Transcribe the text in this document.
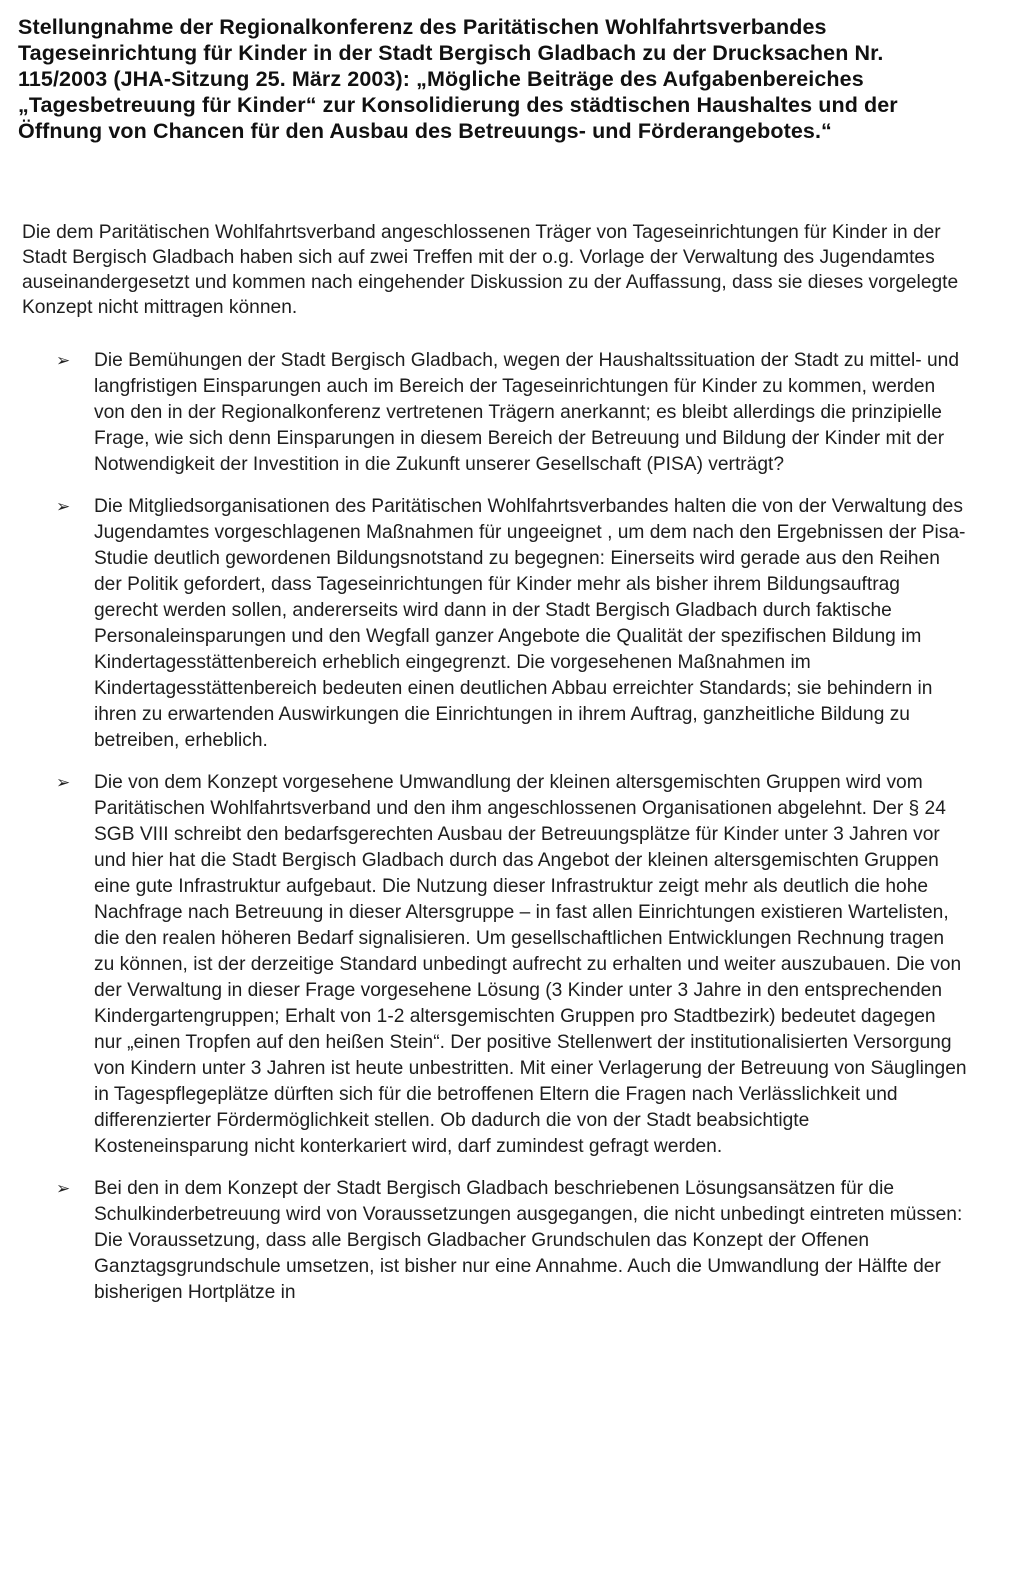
Stellungnahme der Regionalkonferenz des Paritätischen Wohlfahrtsverbandes Tageseinrichtung für Kinder in der Stadt Bergisch Gladbach zu der Drucksachen Nr. 115/2003 (JHA-Sitzung 25. März 2003): „Mögliche Beiträge des Aufgabenbereiches „Tagesbetreuung für Kinder“ zur Konsolidierung des städtischen Haushaltes und der Öffnung von Chancen für den Ausbau des Betreuungs- und Förderangebotes.“

Die dem Paritätischen Wohlfahrtsverband angeschlossenen Träger von Tageseinrichtungen für Kinder in der Stadt Bergisch Gladbach haben sich auf zwei Treffen mit der o.g. Vorlage der Verwaltung des Jugendamtes auseinandergesetzt und kommen nach eingehender Diskussion zu der Auffassung, dass sie dieses vorgelegte Konzept nicht mittragen können.

➢ Die Bemühungen der Stadt Bergisch Gladbach, wegen der Haushaltssituation der Stadt zu mittel- und langfristigen Einsparungen auch im Bereich der Tageseinrichtungen für Kinder zu kommen, werden von den in der Regionalkonferenz vertretenen Trägern anerkannt; es bleibt allerdings die prinzipielle Frage, wie sich denn Einsparungen in diesem Bereich der Betreuung und Bildung der Kinder mit der Notwendigkeit der Investition in die Zukunft unserer Gesellschaft (PISA) verträgt?
➢ Die Mitgliedsorganisationen des Paritätischen Wohlfahrtsverbandes halten die von der Verwaltung des Jugendamtes vorgeschlagenen Maßnahmen für ungeeignet , um dem nach den Ergebnissen der Pisa-Studie deutlich gewordenen Bildungsnotstand zu begegnen: Einerseits wird gerade aus den Reihen der Politik gefordert, dass Tageseinrichtungen für Kinder mehr als bisher ihrem Bildungsauftrag gerecht werden sollen, andererseits wird dann in der Stadt Bergisch Gladbach durch faktische Personaleinsparungen und den Wegfall ganzer Angebote die Qualität der spezifischen Bildung im Kindertagesstättenbereich erheblich eingegrenzt. Die vorgesehenen Maßnahmen im Kindertagesstättenbereich bedeuten einen deutlichen Abbau erreichter Standards; sie behindern in ihren zu erwartenden Auswirkungen die Einrichtungen in ihrem Auftrag, ganzheitliche Bildung zu betreiben, erheblich.
➢ Die von dem Konzept vorgesehene Umwandlung der kleinen altersgemischten Gruppen wird vom Paritätischen Wohlfahrtsverband und den ihm angeschlossenen Organisationen abgelehnt. Der § 24 SGB VIII schreibt den bedarfsgerechten Ausbau der Betreuungsplätze für Kinder unter 3 Jahren vor und hier hat die Stadt Bergisch Gladbach durch das Angebot der kleinen altersgemischten Gruppen eine gute Infrastruktur aufgebaut. Die Nutzung dieser Infrastruktur zeigt mehr als deutlich die hohe Nachfrage nach Betreuung in dieser Altersgruppe – in fast allen Einrichtungen existieren Wartelisten, die den realen höheren Bedarf signalisieren. Um gesellschaftlichen Entwicklungen Rechnung tragen zu können, ist der derzeitige Standard unbedingt aufrecht zu erhalten und weiter auszubauen. Die von der Verwaltung in dieser Frage vorgesehene Lösung (3 Kinder unter 3 Jahre in den entsprechenden Kindergartengruppen; Erhalt von 1-2 altersgemischten Gruppen pro Stadtbezirk) bedeutet dagegen nur „einen Tropfen auf den heißen Stein“. Der positive Stellenwert der institutionalisierten Versorgung von Kindern unter 3 Jahren ist heute unbestritten. Mit einer Verlagerung der Betreuung von Säuglingen in Tagespflegeplätze dürften sich für die betroffenen Eltern die Fragen nach Verlässlichkeit und differenzierter Fördermöglichkeit stellen. Ob dadurch die von der Stadt beabsichtigte Kosteneinsparung nicht konterkariert wird, darf zumindest gefragt werden.
➢ Bei den in dem Konzept der Stadt Bergisch Gladbach beschriebenen Lösungsansätzen für die Schulkinderbetreuung wird von Voraussetzungen ausgegangen, die nicht unbedingt eintreten müssen: Die Voraussetzung, dass alle Bergisch Gladbacher Grundschulen das Konzept der Offenen Ganztagsgrundschule umsetzen, ist bisher nur eine Annahme. Auch die Umwandlung der Hälfte der bisherigen Hortplätze in
